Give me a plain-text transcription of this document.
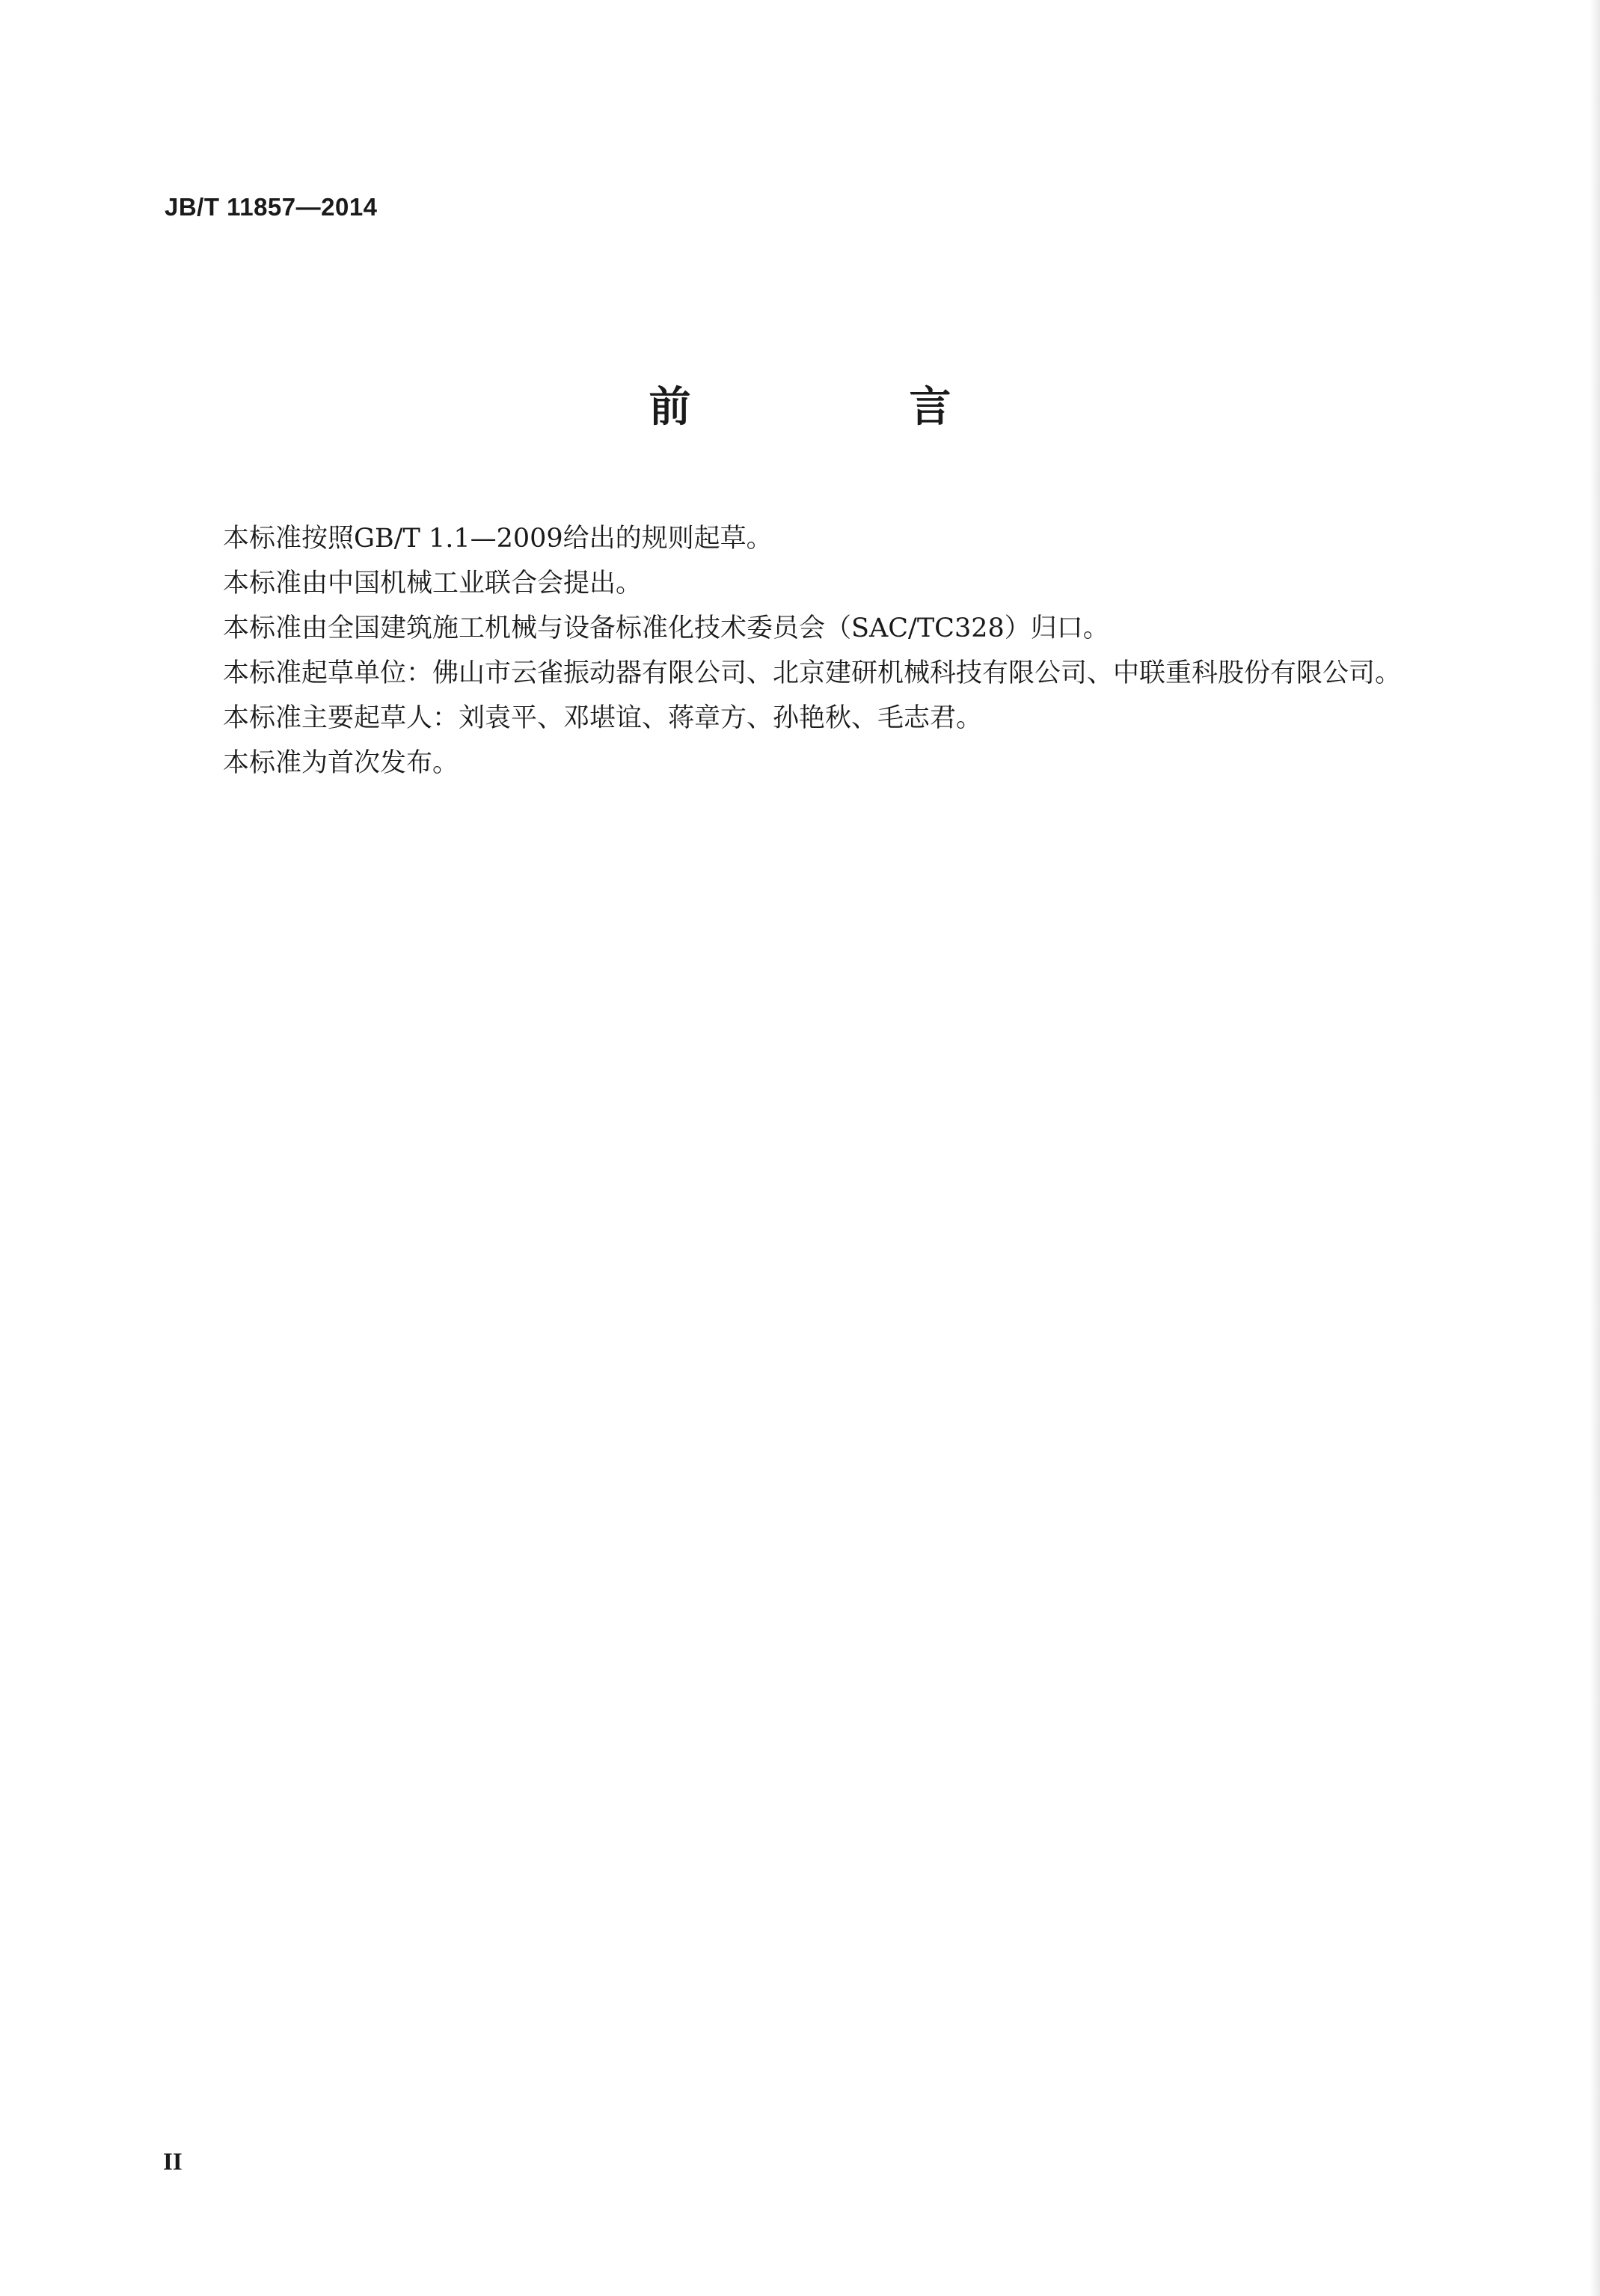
JB/T 11857—2014
前　言

本标准按照GB/T 1.1—2009给出的规则起草。

本标准由中国机械工业联合会提出。

本标准由全国建筑施工机械与设备标准化技术委员会（SAC/TC328）归口。

本标准起草单位：佛山市云雀振动器有限公司、北京建研机械科技有限公司、中联重科股份有限公司。

本标准主要起草人：刘袁平、邓堪谊、蒋章方、孙艳秋、毛志君。

本标准为首次发布。

II
